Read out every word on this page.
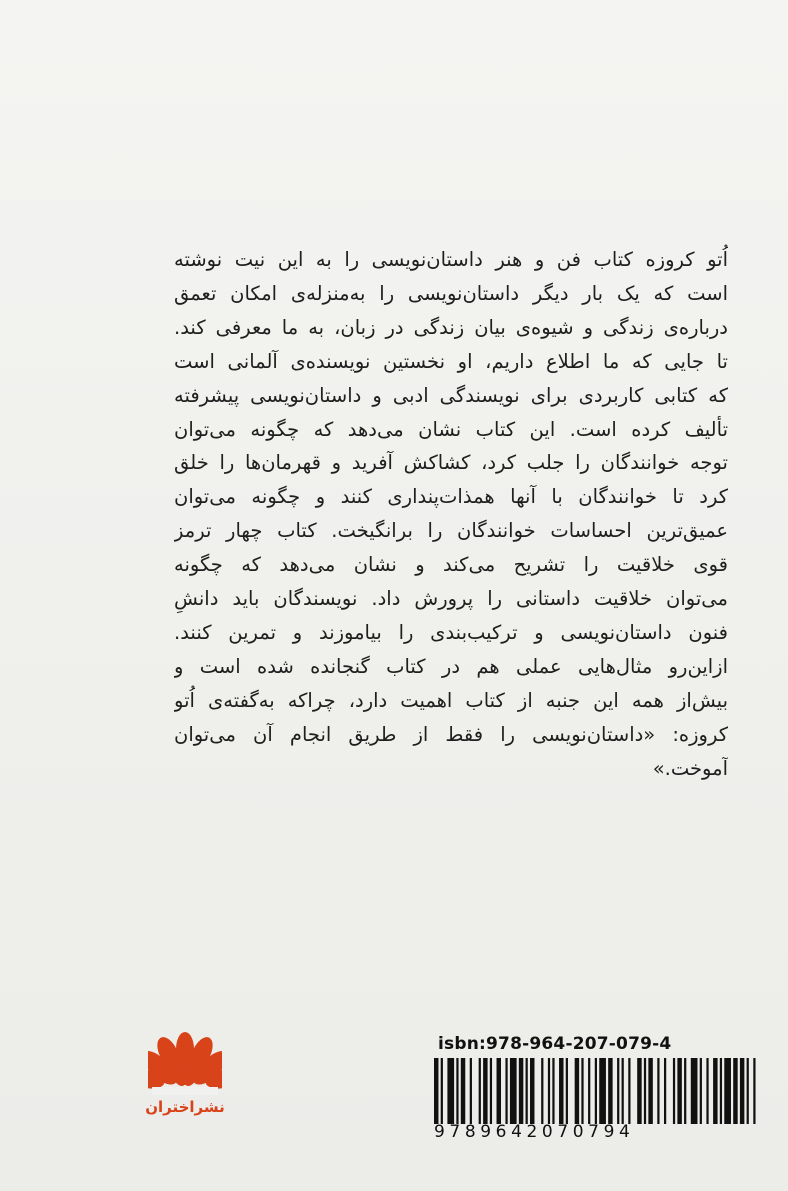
اُتو کروزه کتاب فن و هنر داستان‌نویسی را به این نیت نوشته
است که یک بار دیگر داستان‌نویسی را به‌منزله‌ی امکان تعمق
درباره‌ی زندگی و شیوه‌ی بیان زندگی در زبان، به ما معرفی کند.
تا جایی که ما اطلاع داریم، او نخستین نویسنده‌ی آلمانی است
که کتابی کاربردی برای نویسندگی ادبی و داستان‌نویسی پیشرفته
تألیف کرده است. این کتاب نشان می‌دهد که چگونه می‌توان
توجه خوانندگان را جلب کرد، کشاکش آفرید و قهرمان‌ها را خلق
کرد تا خوانندگان با آنها همذات‌پنداری کنند و چگونه می‌توان
عمیق‌ترین احساسات خوانندگان را برانگیخت. کتاب چهار ترمز
قوی خلاقیت را تشریح می‌کند و نشان می‌دهد که چگونه
می‌توان خلاقیت داستانی را پرورش داد. نویسندگان باید دانشِ
فنون داستان‌نویسی و ترکیب‌بندی را بیاموزند و تمرین کنند.
ازاین‌رو مثال‌هایی عملی هم در کتاب گنجانده شده است و
بیش‌از همه این جنبه از کتاب اهمیت دارد، چراکه به‌گفته‌ی اُتو
کروزه: «داستان‌نویسی را فقط از طریق انجام آن می‌توان
آموخت.»
isbn:978-964-207-079-4
9789642070794
نشراختران
